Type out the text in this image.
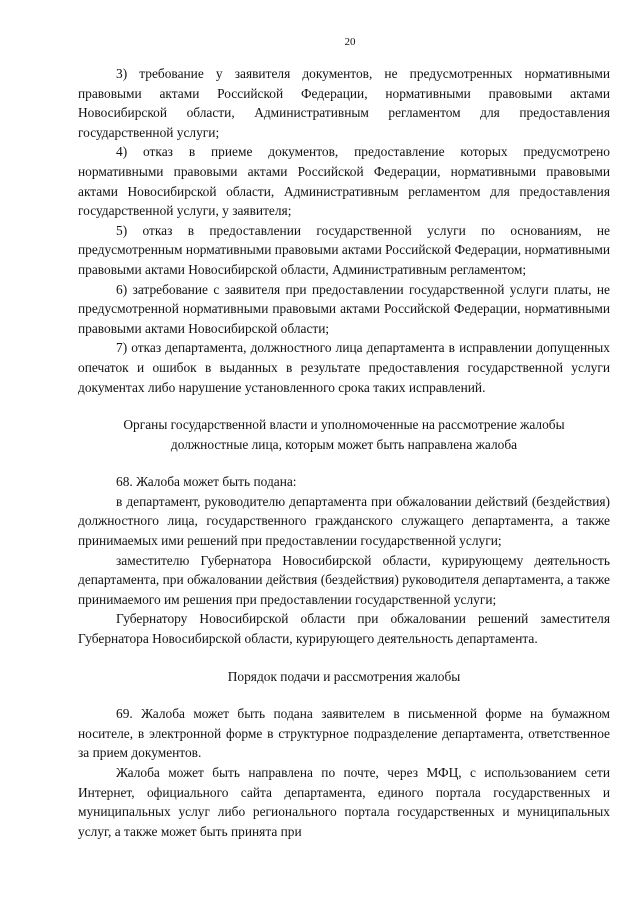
20

3) требование у заявителя документов, не предусмотренных нормативными правовыми актами Российской Федерации, нормативными правовыми актами Новосибирской области, Административным регламентом для предоставления государственной услуги;

4) отказ в приеме документов, предоставление которых предусмотрено нормативными правовыми актами Российской Федерации, нормативными правовыми актами Новосибирской области, Административным регламентом для предоставления государственной услуги, у заявителя;

5) отказ в предоставлении государственной услуги по основаниям, не предусмотренным нормативными правовыми актами Российской Федерации, нормативными правовыми актами Новосибирской области, Административным регламентом;

6) затребование с заявителя при предоставлении государственной услуги платы, не предусмотренной нормативными правовыми актами Российской Федерации, нормативными правовыми актами Новосибирской области;

7) отказ департамента, должностного лица департамента в исправлении допущенных опечаток и ошибок в выданных в результате предоставления государственной услуги документах либо нарушение установленного срока таких исправлений.

Органы государственной власти и уполномоченные на рассмотрение жалобы
должностные лица, которым может быть направлена жалоба

68. Жалоба может быть подана:

в департамент, руководителю департамента при обжаловании действий (бездействия) должностного лица, государственного гражданского служащего департамента, а также принимаемых ими решений при предоставлении государственной услуги;

заместителю Губернатора Новосибирской области, курирующему деятельность департамента, при обжаловании действия (бездействия) руководителя департамента, а также принимаемого им решения при предоставлении государственной услуги;

Губернатору Новосибирской области при обжаловании решений заместителя Губернатора Новосибирской области, курирующего деятельность департамента.

Порядок подачи и рассмотрения жалобы

69. Жалоба может быть подана заявителем в письменной форме на бумажном носителе, в электронной форме в структурное подразделение департамента, ответственное за прием документов.

Жалоба может быть направлена по почте, через МФЦ, с использованием сети Интернет, официального сайта департамента, единого портала государственных и муниципальных услуг либо регионального портала государственных и муниципальных услуг, а также может быть принята при
